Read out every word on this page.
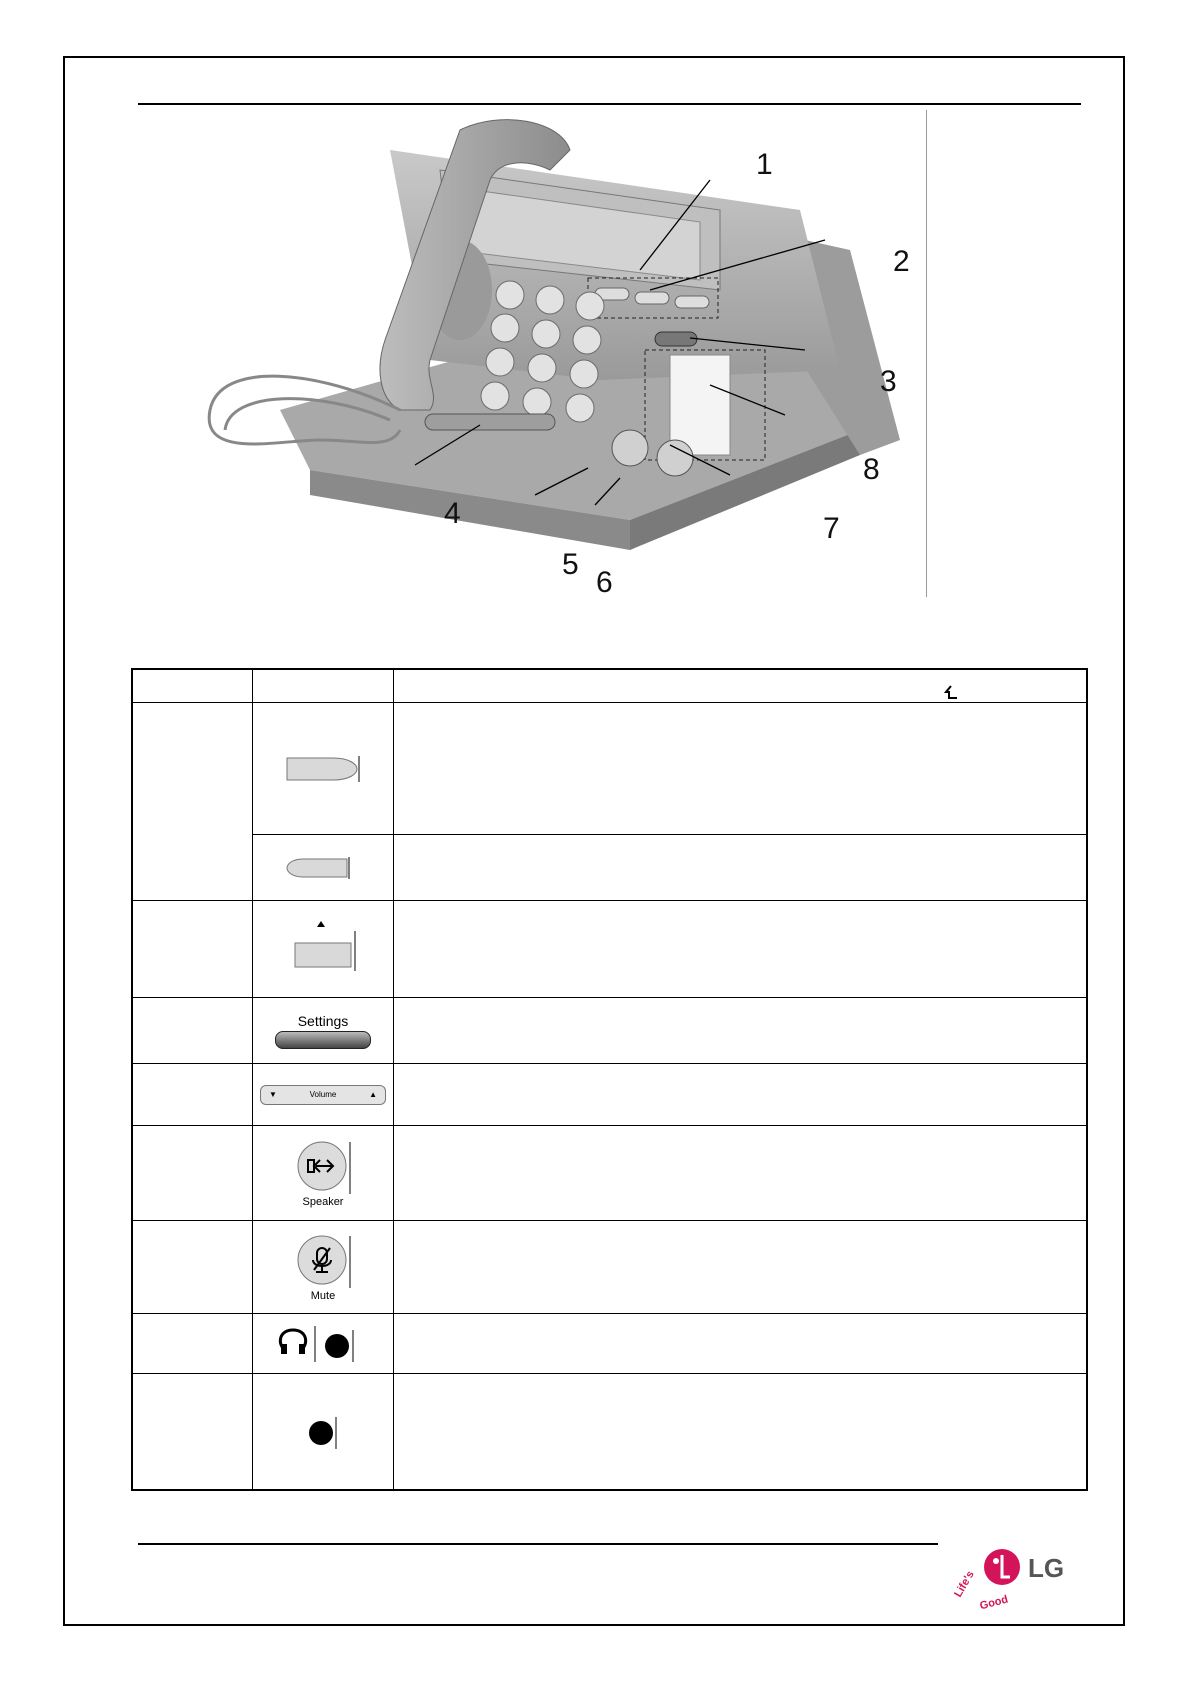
1
2
3
4
5
6
7
8
Settings
▼	Volume	▲
Speaker
Mute
LG
Life's
Good
